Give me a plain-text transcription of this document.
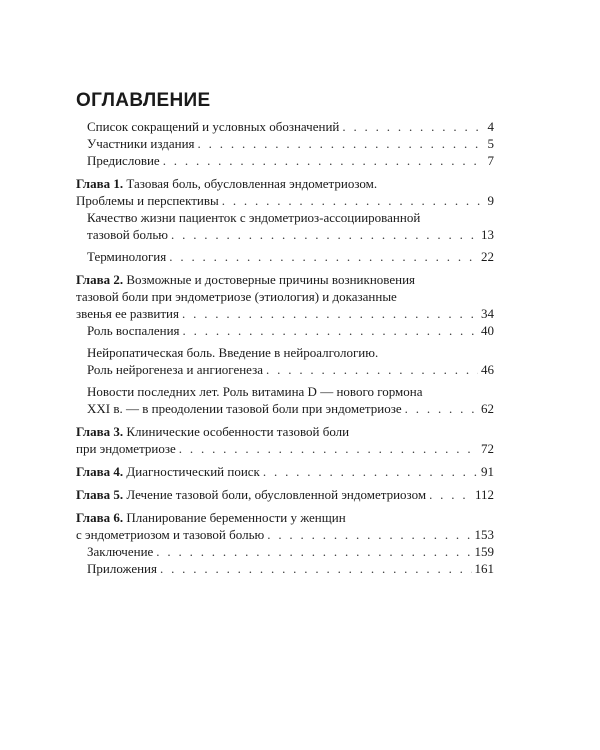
ОГЛАВЛЕНИЕ
Список сокращений и условных обозначений . . .	4
Участники издания . . .	5
Предисловие . . .	7
Глава 1. Тазовая боль, обусловленная эндометриозом.
Проблемы и перспективы . . .	9
Качество жизни пациенток с эндометриоз-ассоциированной
тазовой болью . . .	13
Терминология . . .	22
Глава 2. Возможные и достоверные причины возникновения
тазовой боли при эндометриозе (этиология) и доказанные
звенья ее развития . . .	34
Роль воспаления . . .	40
Нейропатическая боль. Введение в нейроалгологию.
Роль нейрогенеза и ангиогенеза . . .	46
Новости последних лет. Роль витамина D — нового гормона
XXI в. — в преодолении тазовой боли при эндометриозе . . .	62
Глава 3. Клинические особенности тазовой боли
при эндометриозе . . .	72
Глава 4. Диагностический поиск . . .	91
Глава 5. Лечение тазовой боли, обусловленной эндометриозом . . .	112
Глава 6. Планирование беременности у женщин
с эндометриозом и тазовой болью . . .	153
Заключение . . .	159
Приложения . . .	161
